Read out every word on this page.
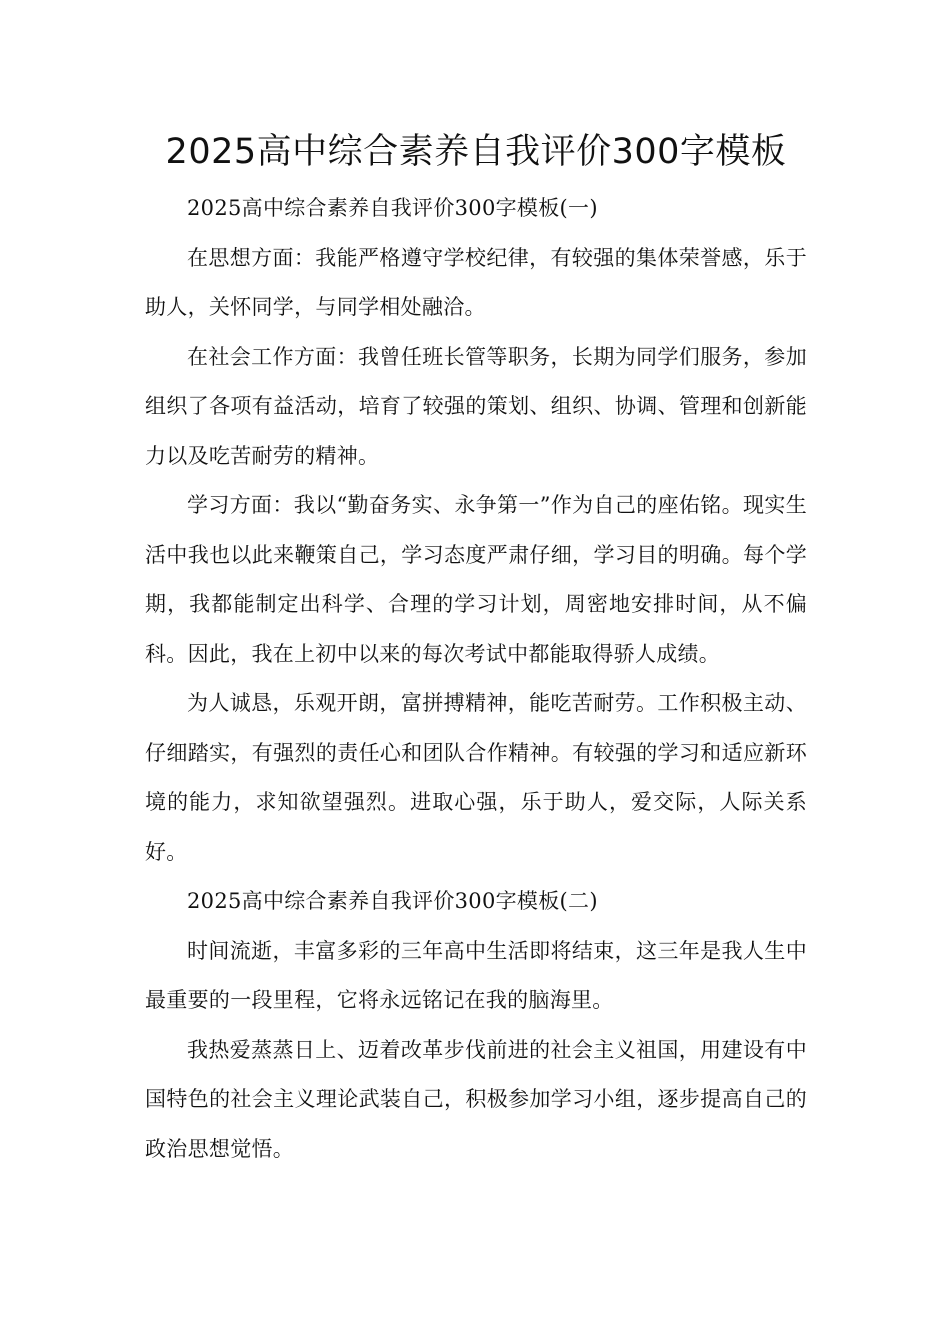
2025高中综合素养自我评价300字模板

2025高中综合素养自我评价300字模板(一)

在思想方面：我能严格遵守学校纪律，有较强的集体荣誉感，乐于助人，关怀同学，与同学相处融洽。

在社会工作方面：我曾任班长管等职务，长期为同学们服务，参加组织了各项有益活动，培育了较强的策划、组织、协调、管理和创新能力以及吃苦耐劳的精神。

学习方面：我以“勤奋务实、永争第一”作为自己的座佑铭。现实生活中我也以此来鞭策自己，学习态度严肃仔细，学习目的明确。每个学期，我都能制定出科学、合理的学习计划，周密地安排时间，从不偏科。因此，我在上初中以来的每次考试中都能取得骄人成绩。

为人诚恳，乐观开朗，富拼搏精神，能吃苦耐劳。工作积极主动、仔细踏实，有强烈的责任心和团队合作精神。有较强的学习和适应新环境的能力，求知欲望强烈。进取心强，乐于助人，爱交际，人际关系好。

2025高中综合素养自我评价300字模板(二)

时间流逝，丰富多彩的三年高中生活即将结束，这三年是我人生中最重要的一段里程，它将永远铭记在我的脑海里。

我热爱蒸蒸日上、迈着改革步伐前进的社会主义祖国，用建设有中国特色的社会主义理论武装自己，积极参加学习小组，逐步提高自己的政治思想觉悟。
